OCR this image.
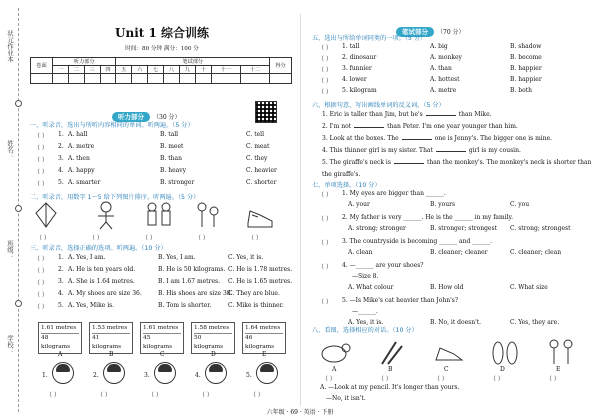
状元作业本
姓名：
班级：
学校：
Unit 1 综合训练
时间：80 分钟 满分：100 分
卷面	听力部分				笔试部分								得分
	一	二	三	四	五	六	七	八	九	十	十一	十二	

听力部分 （30 分）
一、听录音，选出与所听内容相同的单词。听两遍。（5 分）
二、听录音，用数字 1～5 给下列图片排序。听两遍。（5 分）
三、听录音，选择正确的选项。听两遍。（10 分）
笔试部分 （70 分）
五、选出与所给单词同类的一项。（5 分）
六、根据句意，写出画线单词的反义词。（5 分）
七、单项选择。（10 分）
八、看图，选择相应的对话。（10 分）
A. —Look at my pencil. It's longer than yours.
—No, it isn't.
六年级 · 69 · 英语 · 下册
（ ） 1. A. hall	B. tall	C. tell
（ ） 2. A. metre	B. meet	C. meat
（ ） 3. A. then	B. than	C. they
（ ） 4. A. happy	B. heavy	C. heavier
（ ） 5. A. smarter	B. stronger	C. shorter
（ ）	（ ）	（ ）	（ ）	（ ）
（ ） 1. A. Yes, I am.	B. Yes, I am.	C. Yes, it is.
（ ） 2. A. He is ten years old.	B. He is 50 kilograms. C. He is 1.78 metres.
（ ） 3. A. She is 1.64 metres.	B. I am 1.67 metres. C. He is 1.65 metres.
（ ） 4. A. My shoes are size 36.	B. His shoes are size 38.
C. They are blue.
（ ） 5. A. Yes, Mike is.	B. Tom is shorter.	C. Mike is thinner.
1.61 metres
48 kilograms
1.53 metres
41 kilograms
1.61 metres
45 kilograms
1.58 metres
50 kilograms
1.64 metres
46 kilograms
A	B	C	D	E
1.
（ ）
2.
（ ）
3.
（ ）
4.
（ ）
5.
（ ）
（ ） 1. tall	A. big	B. shadow
（ ） 2. dinosaur	A. monkey	B. become
（ ） 3. funnier	A. than	B. happier
（ ） 4. lower	A. hottest	B. happier
（ ） 5. kilogram	A. metre	B. both
1. Eric is taller than Jim, but he's	than Mike.
2. I'm not	than Peter. I'm one year younger than him.
3. Look at the boxes. The	one is Jenny's. The bigger one is mine.
4. This thinner girl is my sister. That	girl is my cousin.
5. The giraffe's neck is	than the monkey's. The monkey's neck is shorter than
the giraffe's.
（ ） 1. My eyes are bigger than ______.
A. your	B. yours	C. you
（ ） 2. My father is very ______. He is the ______ in my family.
A. strong; stronger	B. stronger; strongest C. strong; strongest
（ ） 3. The countryside is becoming ______ and ______.
A. clean	B. cleaner; cleaner	C. cleaner; clean
（ ） 4. —______ are your shoes?
—Size 8.
A. What colour	B. How old	C. What size
（ ） 5. —Is Mike's cat heavier than John's?
—______.
A. Yes, it is.	B. No, it doesn't.	C. Yes, they are.
A	B	C	D	E
（ ）	（ ）	（ ）	（ ）	（ ）
